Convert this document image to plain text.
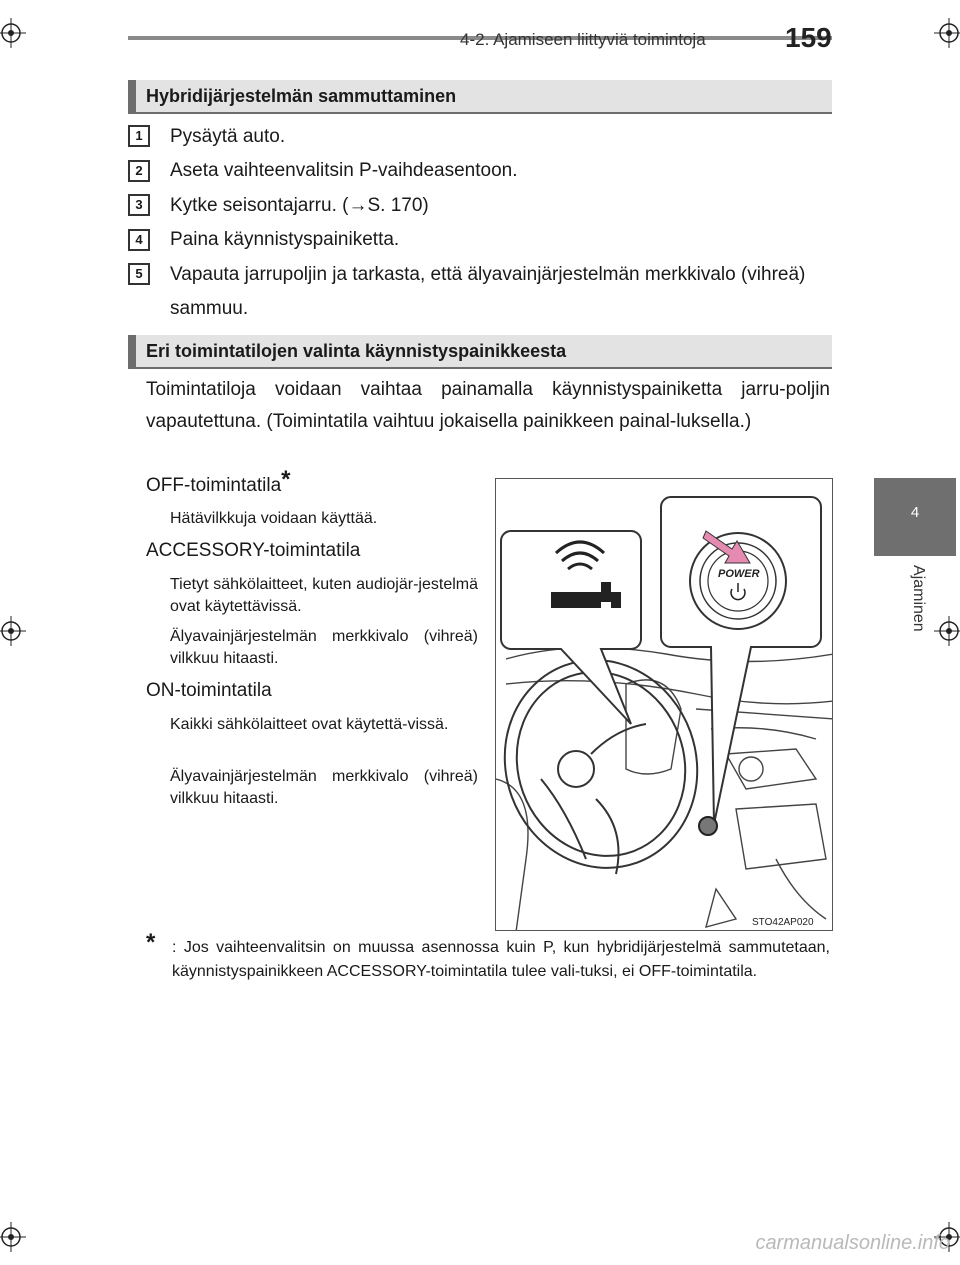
4-2. Ajamiseen liittyviä toimintoja	159
4
Ajaminen
Hybridijärjestelmän sammuttaminen
1	Pysäytä auto.
2	Aseta vaihteenvalitsin P-vaihdeasentoon.
3	Kytke seisontajarru. (→S. 170)
4	Paina käynnistyspainiketta.
5	Vapauta jarrupoljin ja tarkasta, että älyavainjärjestelmän merkkivalo (vihreä) sammuu.
Eri toimintatilojen valinta käynnistyspainikkeesta
Toimintatiloja voidaan vaihtaa painamalla käynnistyspainiketta jarru-poljin vapautettuna. (Toimintatila vaihtuu jokaisella painikkeen painal-luksella.)
OFF-toimintatila*
Hätävilkkuja voidaan käyttää.
ACCESSORY-toimintatila
Tietyt sähkölaitteet, kuten audiojär-jestelmä ovat käytettävissä.
Älyavainjärjestelmän merkkivalo (vihreä) vilkkuu hitaasti.
ON-toimintatila
Kaikki sähkölaitteet ovat käytettä-vissä.
Älyavainjärjestelmän merkkivalo (vihreä) vilkkuu hitaasti.
POWER
STO42AP020
* : Jos vaihteenvalitsin on muussa asennossa kuin P, kun hybridijärjestelmä sammutetaan, käynnistyspainikkeen ACCESSORY-toimintatila tulee vali-tuksi, ei OFF-toimintatila.
carmanualsonline.info
